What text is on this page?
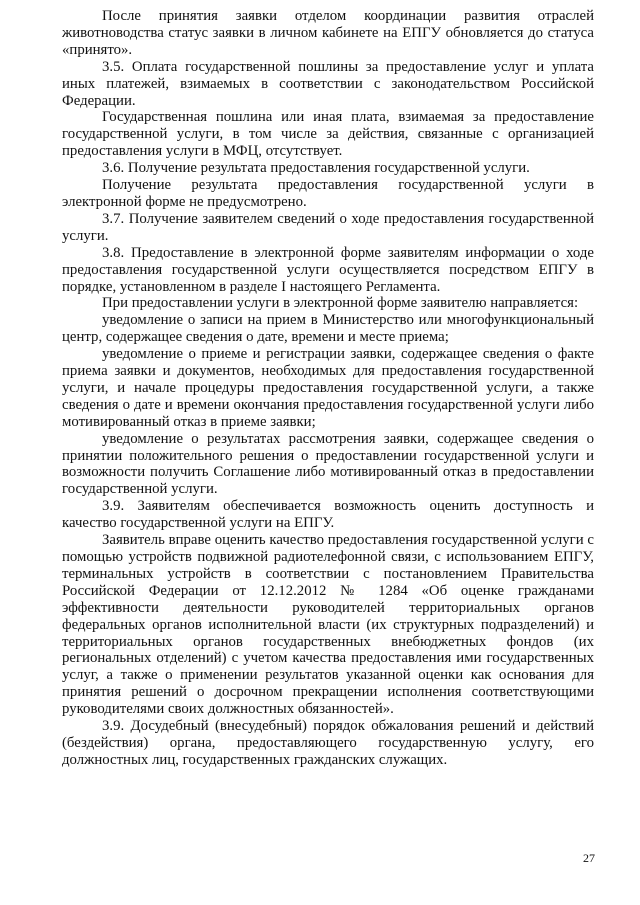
После принятия заявки отделом координации развития отраслей животноводства статус заявки в личном кабинете на ЕПГУ обновляется до статуса «принято».

3.5. Оплата государственной пошлины за предоставление услуг и уплата иных платежей, взимаемых в соответствии с законодательством Российской Федерации.

Государственная пошлина или иная плата, взимаемая за предоставление государственной услуги, в том числе за действия, связанные с организацией предоставления услуги в МФЦ, отсутствует.

3.6. Получение результата предоставления государственной услуги.

Получение результата предоставления государственной услуги в электронной форме не предусмотрено.

3.7. Получение заявителем сведений о ходе предоставления государственной услуги.

3.8. Предоставление в электронной форме заявителям информации о ходе предоставления государственной услуги осуществляется посредством ЕПГУ в порядке, установленном в разделе I настоящего Регламента.

При предоставлении услуги в электронной форме заявителю направляется:

уведомление о записи на прием в Министерство или многофункциональный центр, содержащее сведения о дате, времени и месте приема;

уведомление о приеме и регистрации заявки, содержащее сведения о факте приема заявки и документов, необходимых для предоставления государственной услуги, и начале процедуры предоставления государственной услуги, а также сведения о дате и времени окончания предоставления государственной услуги либо мотивированный отказ в приеме заявки;

уведомление о результатах рассмотрения заявки, содержащее сведения о принятии положительного решения о предоставлении государственной услуги и возможности получить Соглашение либо мотивированный отказ в предоставлении государственной услуги.

3.9. Заявителям обеспечивается возможность оценить доступность и качество государственной услуги на ЕПГУ.

Заявитель вправе оценить качество предоставления государственной услуги с помощью устройств подвижной радиотелефонной связи, с использованием ЕПГУ, терминальных устройств в соответствии с постановлением Правительства Российской Федерации от 12.12.2012 № 1284 «Об оценке гражданами эффективности деятельности руководителей территориальных органов федеральных органов исполнительной власти (их структурных подразделений) и территориальных органов государственных внебюджетных фондов (их региональных отделений) с учетом качества предоставления ими государственных услуг, а также о применении результатов указанной оценки как основания для принятия решений о досрочном прекращении исполнения соответствующими руководителями своих должностных обязанностей».

3.9. Досудебный (внесудебный) порядок обжалования решений и действий (бездействия) органа, предоставляющего государственную услугу, его должностных лиц, государственных гражданских служащих.

27
